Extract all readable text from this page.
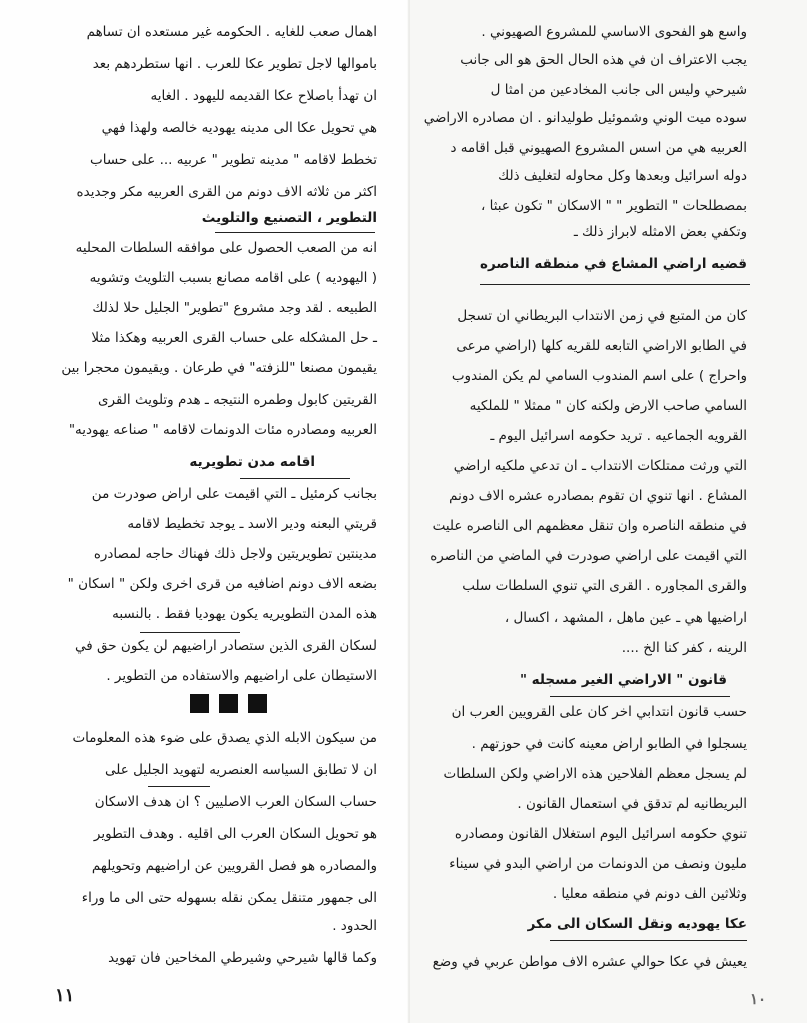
اهمال صعب للغايه . الحكومه غير مستعده ان تساهم
باموالها لاجل تطوير عكا للعرب . انها ستطردهم بعد
ان تهدأ باصلاح عكا القديمه لليهود . الغايه
هي تحويل عكا الى مدينه يهوديه خالصه ولهذا فهي
تخطط لاقامه " مدينه تطوير " عربيه ... على حساب
اكثر من ثلاثه الاف دونم من القرى العربيه مكر وجديده
التطوير ، التصنيع والتلويث
انه من الصعب الحصول على موافقه السلطات المحليه
( اليهوديه ) على اقامه مصانع بسبب التلويث وتشويه
الطبيعه . لقد وجد مشروع "تطوير" الجليل حلا لذلك
ـ حل المشكله على حساب القرى العربيه وهكذا مثلا
يقيمون مصنعا "للزفته" في طرعان . ويقيمون محجرا بين
القريتين كابول وطمره النتيجه ـ هدم وتلويث القرى
العربيه ومصادره مئات الدونمات لاقامه " صناعه يهوديه"
اقامه مدن تطويريه
بجانب كرمئيل ـ التي اقيمت على اراض صودرت من
قريتي البعنه ودير الاسد ـ يوجد تخطيط لاقامه
مدينتين تطويريتين ولاجل ذلك فهناك حاجه لمصادره
بضعه الاف دونم اضافيه من قرى اخرى ولكن " اسكان "
هذه المدن التطويريه يكون يهوديا فقط . بالنسبه
لسكان القرى الذين ستصادر اراضيهم لن يكون حق في
الاستيطان على اراضيهم والاستفاده من التطوير .
من سيكون الابله الذي يصدق على ضوء هذه المعلومات
ان لا تطابق السياسه العنصريه لتهويد الجليل على
حساب السكان العرب الاصليين ؟ ان هدف الاسكان
هو تحويل السكان العرب الى اقليه . وهدف التطوير
والمصادره هو فصل القرويين عن اراضيهم وتحويلهم
الى جمهور متنقل يمكن نقله بسهوله حتى الى ما وراء
الحدود .
وكما قالها شيرحي وشيرطي المخاحين فان تهويد
١١
واسع هو الفحوى الاساسي للمشروع الصهيوني .
يجب الاعتراف ان في هذه الحال الحق هو الى جانب
شيرحي وليس الى جانب المخادعين من امثا ل
سوده ميت الوني وشموئيل طوليدانو . ان مصادره الاراضي
العربيه هي من اسس المشروع الصهيوني قبل اقامه د
دوله اسرائيل وبعدها وكل محاوله لتغليف ذلك
بمصطلحات " التطوير " " الاسكان " تكون عبثا ،
وتكفي بعض الامثله لابراز ذلك ـ
قضيه اراضي المشاع في منطقه الناصره
كان من المتبع في زمن الانتداب البريطاني ان تسجل
في الطابو الاراضي التابعه للقريه كلها (اراضي مرعى
واحراج ) على اسم المندوب السامي لم يكن المندوب
السامي صاحب الارض ولكنه كان " ممثلا " للملكيه
القرويه الجماعيه . تريد حكومه اسرائيل اليوم ـ
التي ورثت ممتلكات الانتداب ـ ان تدعي ملكيه اراضي
المشاع . انها تنوي ان تقوم بمصادره عشره الاف دونم
في منطقه الناصره وان تنقل معظمهم الى الناصره عليت
التي اقيمت على اراضي صودرت في الماضي من الناصره
والقرى المجاوره . القرى التي تنوي السلطات سلب
اراضيها هي ـ عين ماهل ، المشهد ، اكسال ،
الرينه ، كفر كنا الخ ....
قانون " الاراضي الغير مسجله "
حسب قانون انتدابي اخر كان على القرويين العرب ان
يسجلوا في الطابو اراض معينه كانت في حوزتهم .
لم يسجل معظم الفلاحين هذه الاراضي ولكن السلطات
البريطانيه لم تدقق في استعمال القانون .
تنوي حكومه اسرائيل اليوم استغلال القانون ومصادره
مليون ونصف من الدونمات من اراضي البدو في سيناء
وثلاثين الف دونم في منطقه معليا .
عكا يهوديه ونقل السكان الى مكر
يعيش في عكا حوالي عشره الاف مواطن عربي في وضع
١٠
